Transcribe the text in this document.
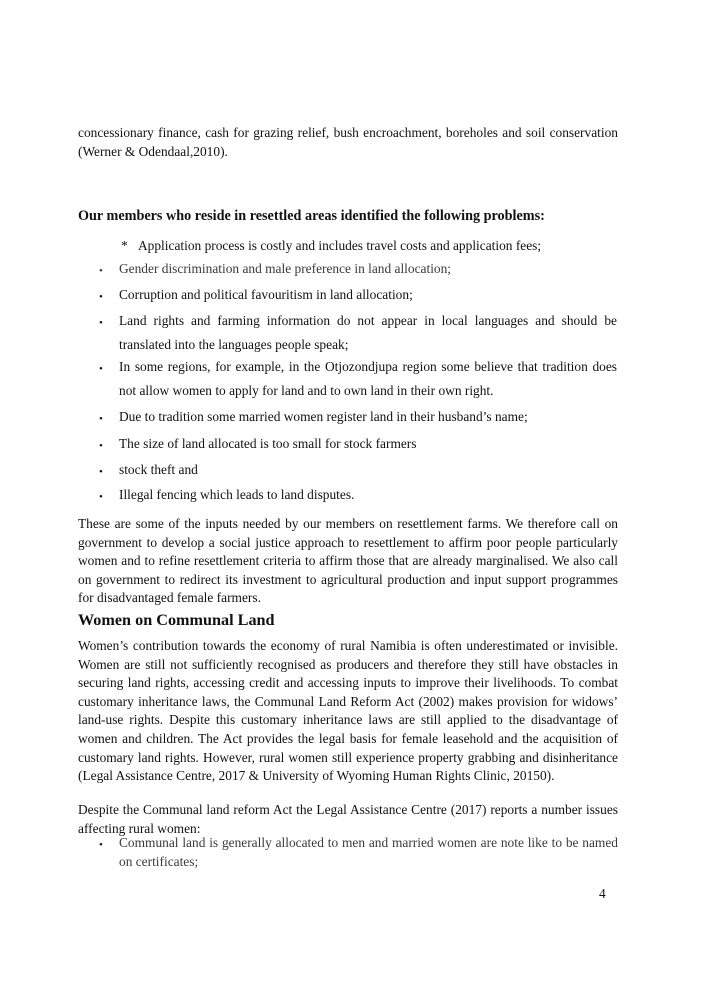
concessionary finance, cash for grazing relief, bush encroachment, boreholes and soil conservation (Werner & Odendaal,2010).
Our members who reside in resettled areas identified the following problems:
* Application process is costly and includes travel costs and application fees;
• Gender discrimination and male preference in land allocation;
• Corruption and political favouritism in land allocation;
• Land rights and farming information do not appear in local languages and should be translated into the languages people speak;
• In some regions, for example, in the Otjozondjupa region some believe that tradition does not allow women to apply for land and to own land in their own right.
• Due to tradition some married women register land in their husband’s name;
• The size of land allocated is too small for stock farmers
• stock theft and
• Illegal fencing which leads to land disputes.
These are some of the inputs needed by our members on resettlement farms. We therefore call on government to develop a social justice approach to resettlement to affirm poor people particularly women and to refine resettlement criteria to affirm those that are already marginalised. We also call on government to redirect its investment to agricultural production and input support programmes for disadvantaged female farmers.
Women on Communal Land
Women’s contribution towards the economy of rural Namibia is often underestimated or invisible. Women are still not sufficiently recognised as producers and therefore they still have obstacles in securing land rights, accessing credit and accessing inputs to improve their livelihoods. To combat customary inheritance laws, the Communal Land Reform Act (2002) makes provision for widows’ land-use rights. Despite this customary inheritance laws are still applied to the disadvantage of women and children. The Act provides the legal basis for female leasehold and the acquisition of customary land rights. However, rural women still experience property grabbing and disinheritance (Legal Assistance Centre, 2017 & University of Wyoming Human Rights Clinic, 20150).
Despite the Communal land reform Act the Legal Assistance Centre (2017) reports a number issues affecting rural women:
• Communal land is generally allocated to men and married women are note like to be named on certificates;
4
